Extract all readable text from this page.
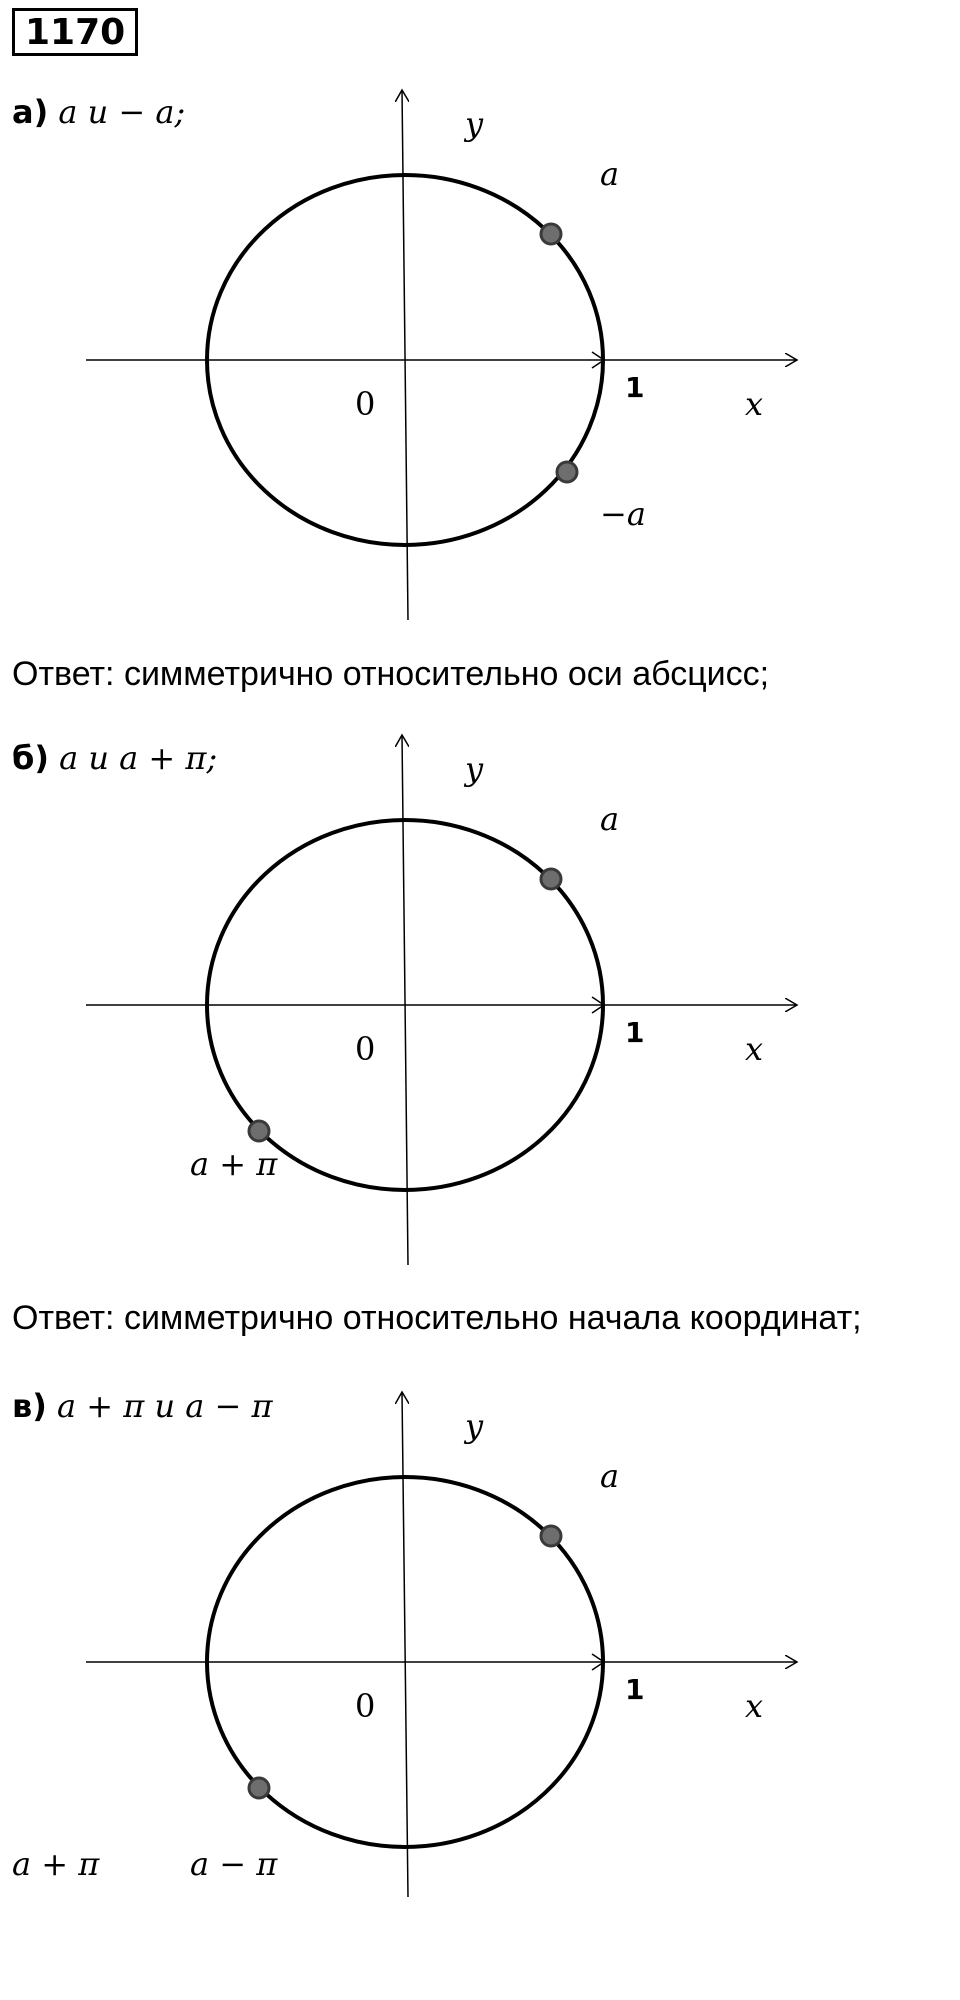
1170
а) a и − a;	y
x
0	1
a
−a
Ответ: симметрично относительно оси абсцисс;
б) a и a + π;	y
x
0	1
a
a + π
Ответ: симметрично относительно начала координат;
в) a + π и a − π
y
x
0	1
a
a + π	a − π
